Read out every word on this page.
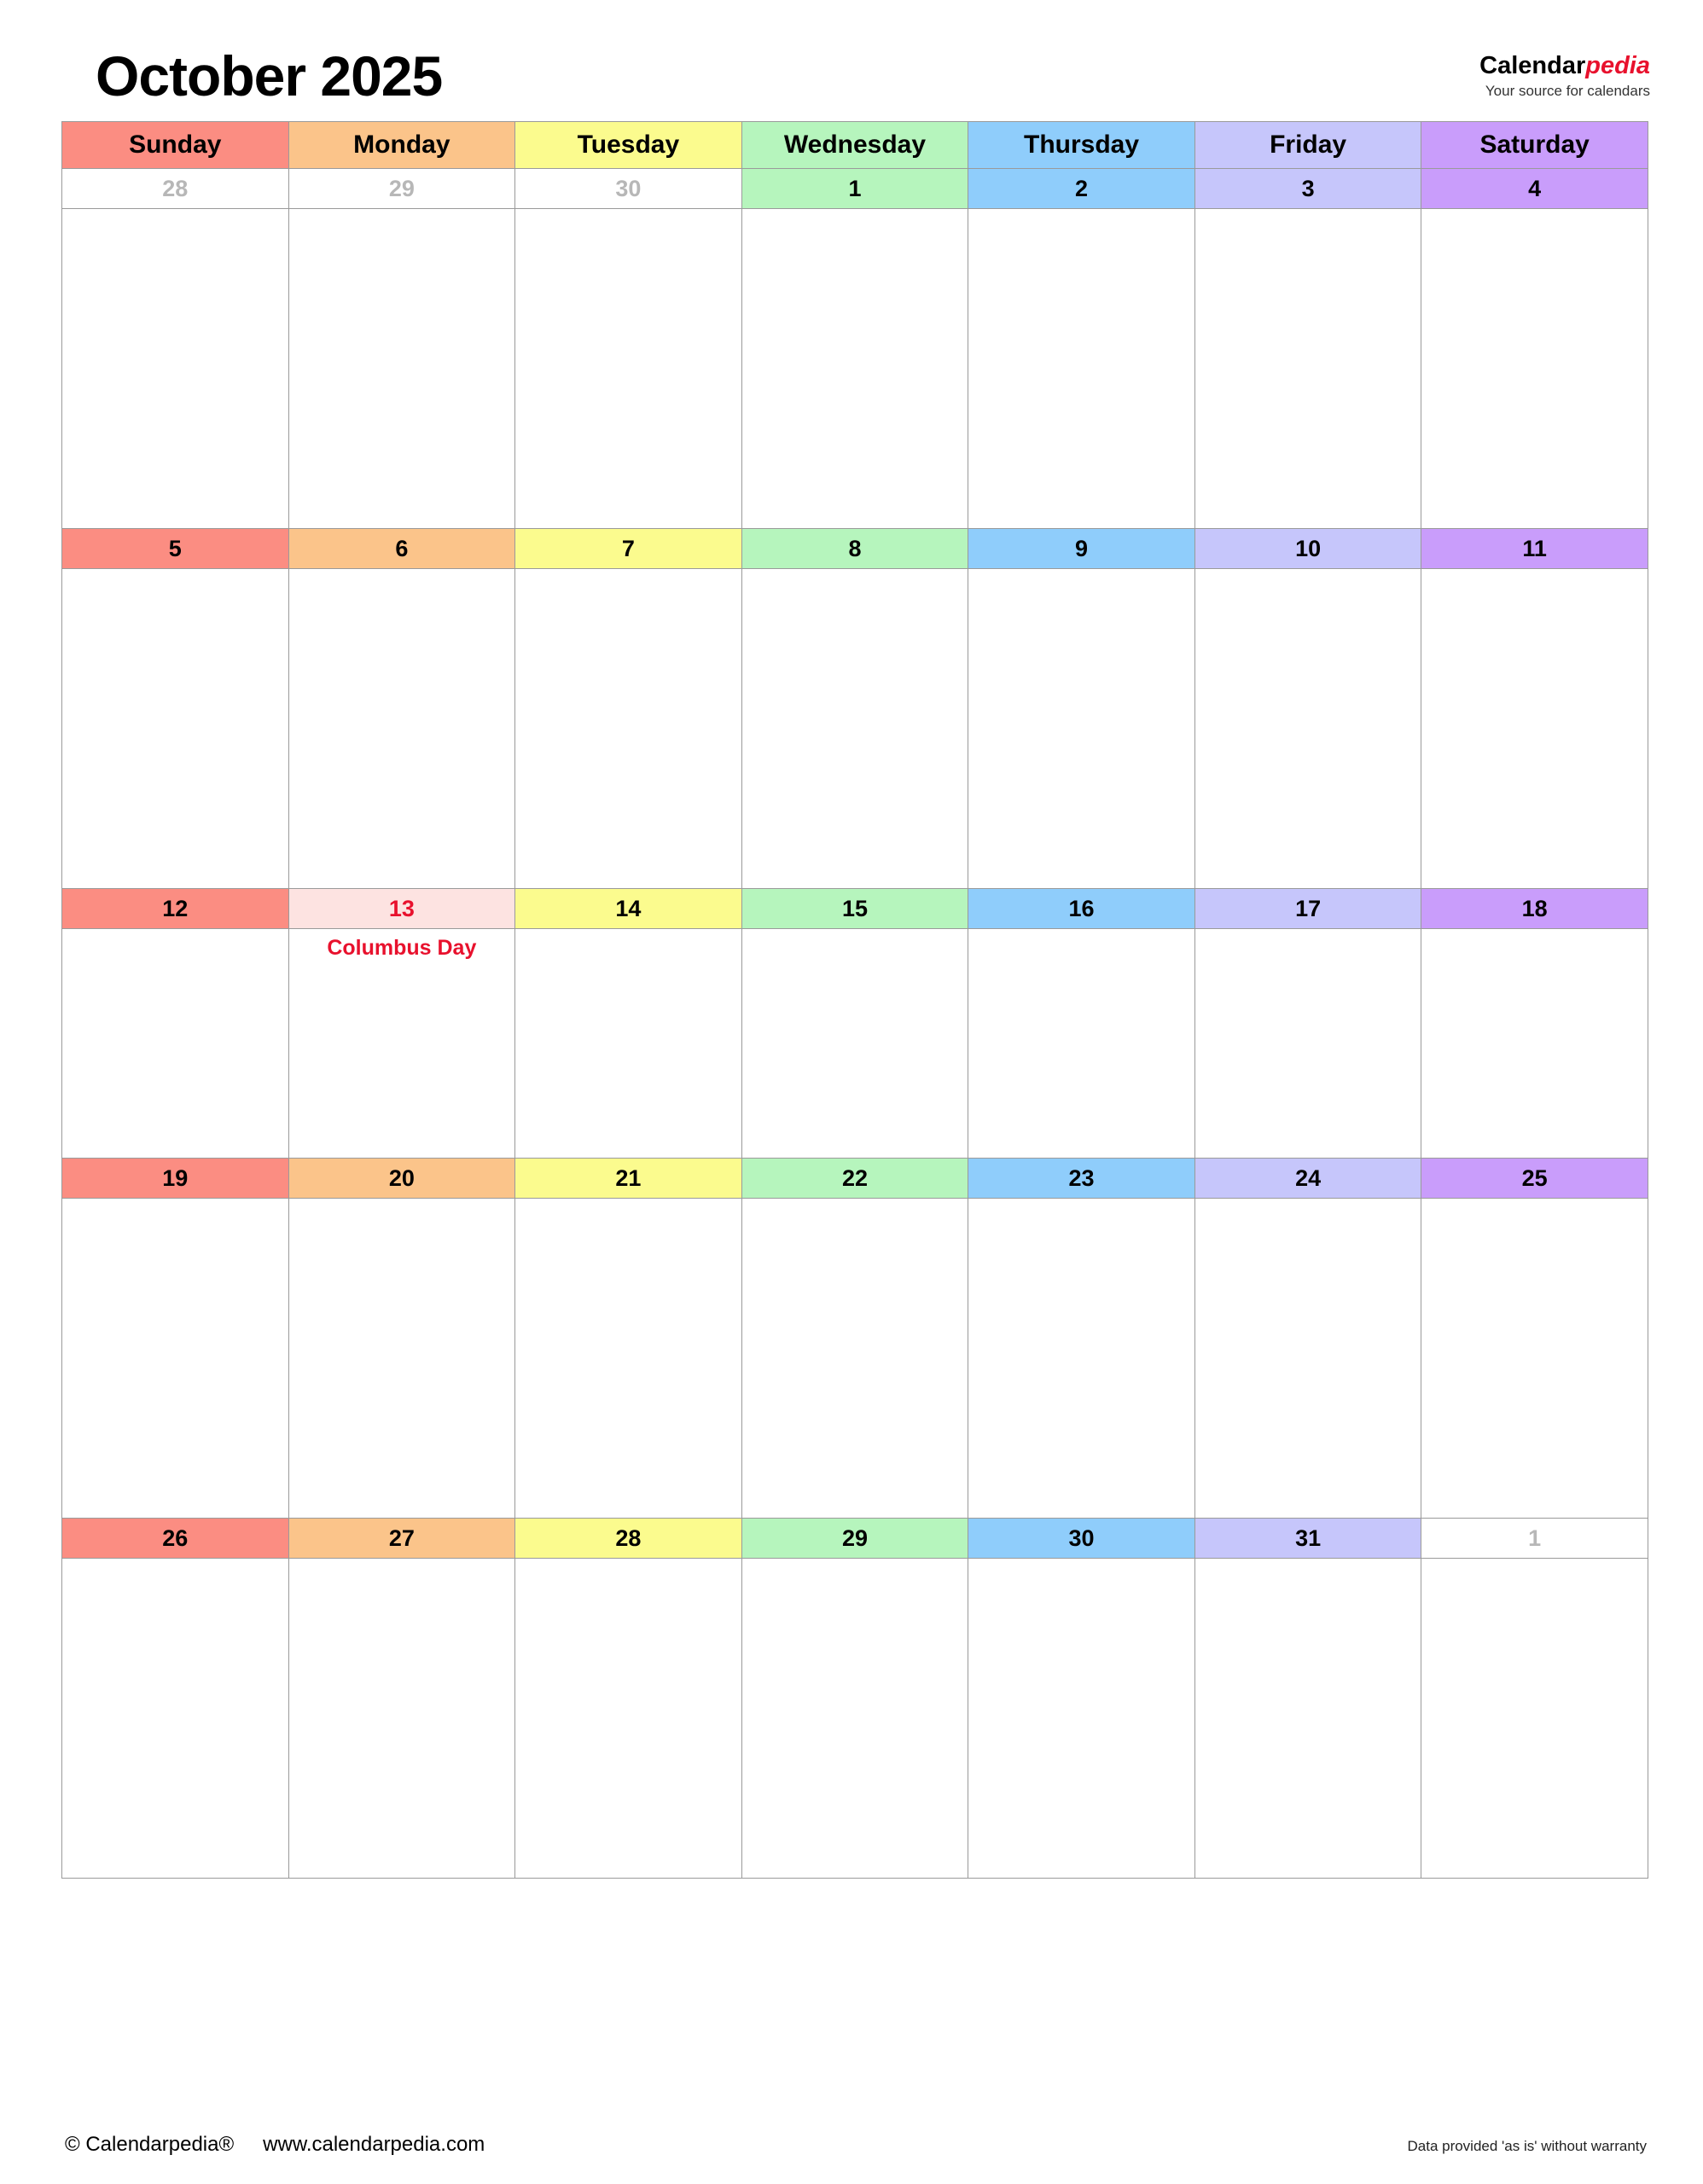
October 2025	Calendarpedia
Your source for calendars
Sunday	Monday	Tuesday	Wednesday	Thursday	Friday	Saturday
28	29	30	1	2	3	4

5	6	7	8	9	10	11

12	13	14	15	16	17	18

	Columbus Day					

19	20	21	22	23	24	25

26	27	28	29	30	31	1

© Calendarpedia® www.calendarpedia.com	Data provided 'as is' without warranty
